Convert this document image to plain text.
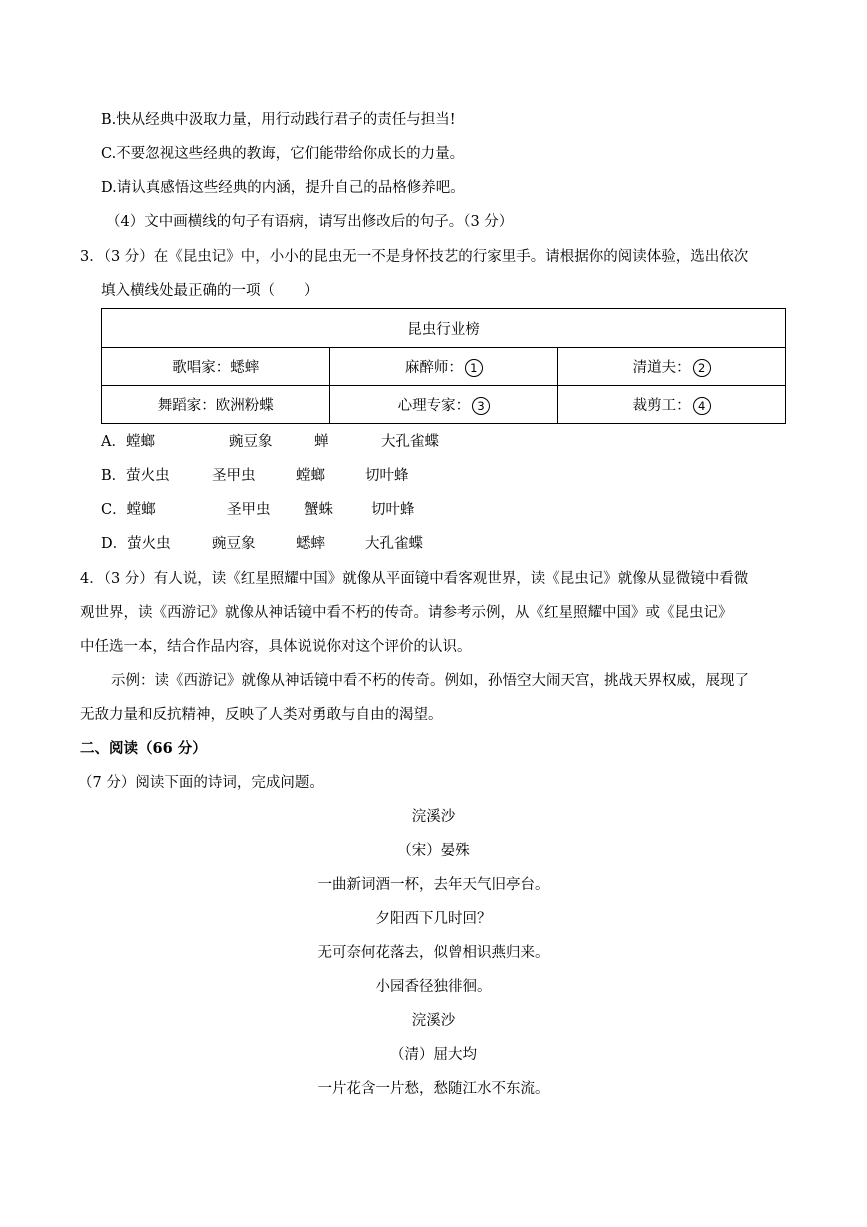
B.快从经典中汲取力量，用行动践行君子的责任与担当!
C.不要忽视这些经典的教诲，它们能带给你成长的力量。
D.请认真感悟这些经典的内涵，提升自己的品格修养吧。
（4）文中画横线的句子有语病，请写出修改后的句子。（3 分）
3．（3 分）在《昆虫记》中，小小的昆虫无一不是身怀技艺的行家里手。请根据你的阅读体验，选出依次
填入横线处最正确的一项（　　）
昆虫行业榜		
歌唱家：蟋蟀	麻醉师： 1	清道夫： 2
舞蹈家：欧洲粉蝶	心理专家： 3	裁剪工： 4
A．螳螂	豌豆象	蝉	大孔雀蝶
B．萤火虫	圣甲虫	螳螂	切叶蜂
C．螳螂	圣甲虫 蟹蛛	切叶蜂
D．萤火虫	豌豆象	蟋蟀	大孔雀蝶
4．（3 分）有人说，读《红星照耀中国》就像从平面镜中看客观世界，读《昆虫记》就像从显微镜中看微
观世界，读《西游记》就像从神话镜中看不朽的传奇。请参考示例，从《红星照耀中国》或《昆虫记》
中任选一本，结合作品内容，具体说说你对这个评价的认识。
示例：读《西游记》就像从神话镜中看不朽的传奇。例如，孙悟空大闹天宫，挑战天界权威，展现了
无敌力量和反抗精神，反映了人类对勇敢与自由的渴望。
二、阅读（66 分）
（7 分）阅读下面的诗词，完成问题。
浣溪沙
（宋）晏殊
一曲新词酒一杯，去年天气旧亭台。
夕阳西下几时回？
无可奈何花落去，似曾相识燕归来。
小园香径独徘徊。
浣溪沙
（清）屈大均
一片花含一片愁，愁随江水不东流。
